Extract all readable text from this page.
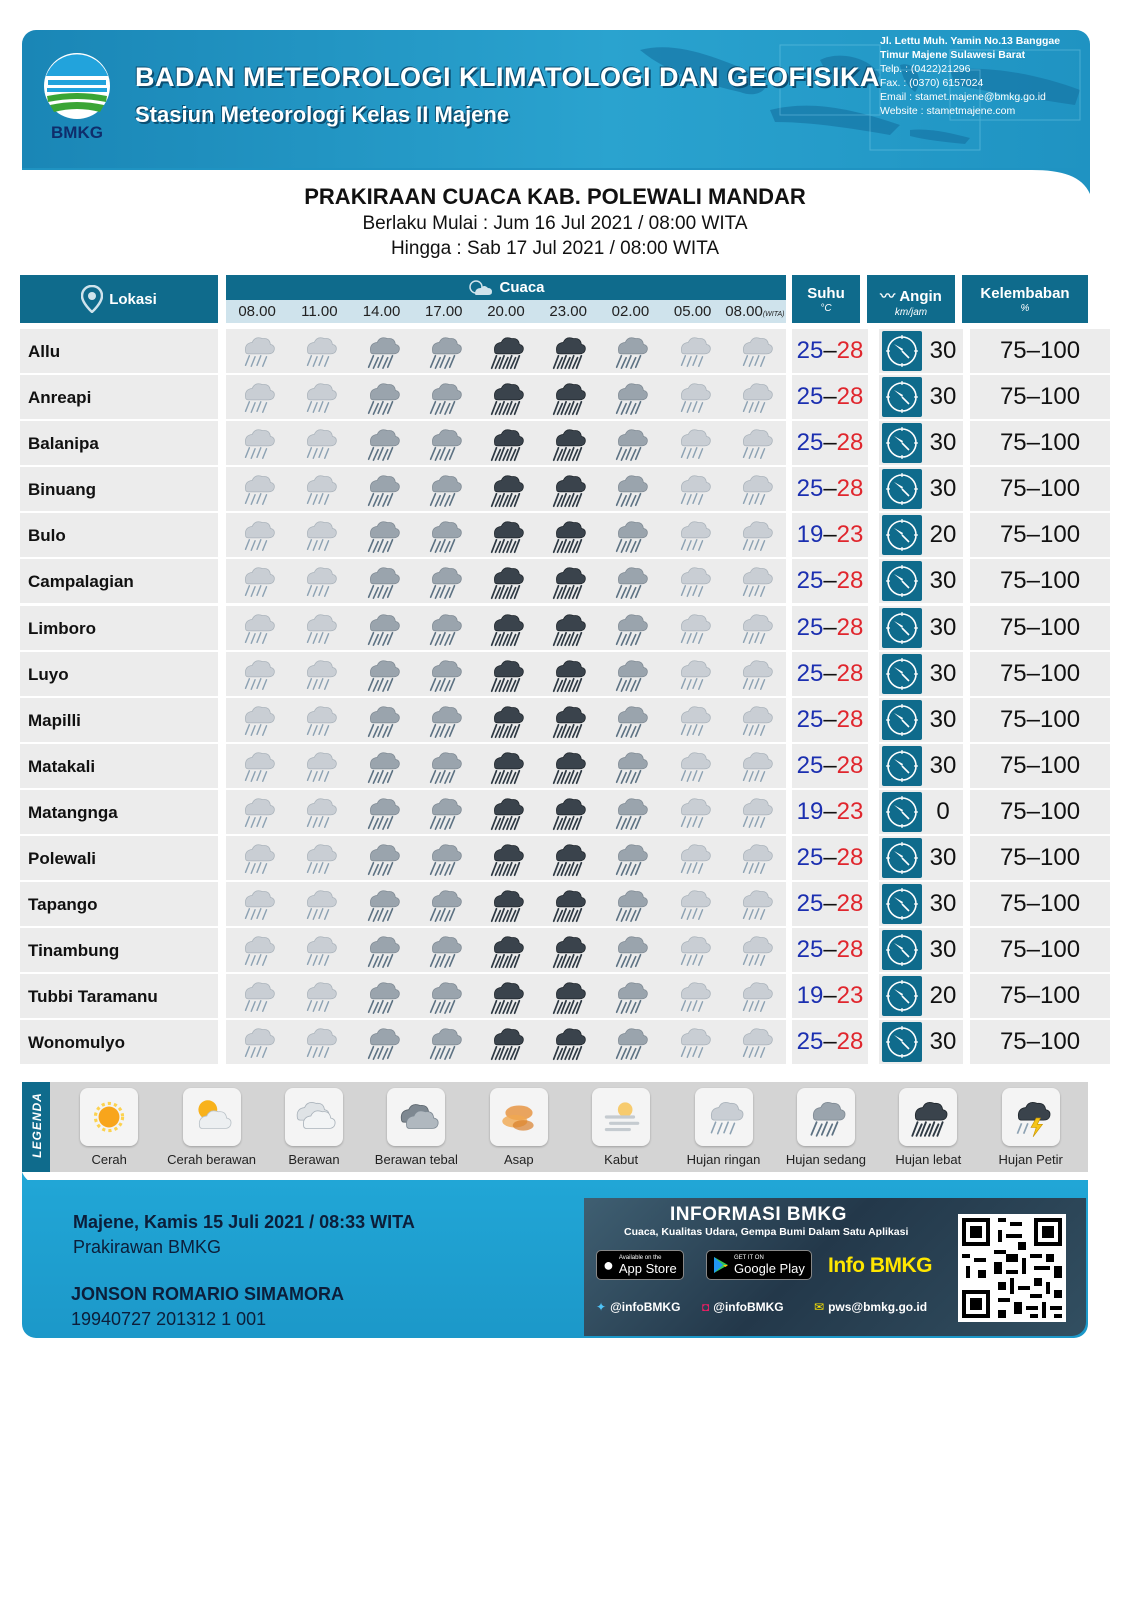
BMKG
BADAN METEOROLOGI KLIMATOLOGI DAN GEOFISIKA
Stasiun Meteorologi Kelas II Majene
Jl. Lettu Muh. Yamin No.13 Banggae
Timur Majene Sulawesi Barat
Telp. : (0422)21296
Fax. : (0370) 6157024
Email : stamet.majene@bmkg.go.id
Website : stametmajene.com
PRAKIRAAN CUACA KAB. POLEWALI MANDAR
Berlaku Mulai : Jum 16 Jul 2021 / 08:00 WITA
Hingga : Sab 17 Jul 2021 / 08:00 WITA
Lokasi
Cuaca
08.00	11.00	14.00	17.00	20.00	23.00	02.00	05.00 08.00(WITA)
Suhu
°C
〰 Angin
km/jam
Kelembaban
%
Allu	25–28	30	75–100
Anreapi	25–28	30	75–100
Balanipa	25–28	30	75–100
Binuang	25–28	30	75–100
Bulo	19–23	20	75–100
Campalagian	25–28	30	75–100
Limboro	25–28	30	75–100
Luyo	25–28	30	75–100
Mapilli	25–28	30	75–100
Matakali	25–28	30	75–100
Matangnga	19–23	0	75–100
Polewali	25–28	30	75–100
Tapango	25–28	30	75–100
Tinambung	25–28	30	75–100
Tubbi Taramanu	19–23	20	75–100
Wonomulyo	25–28	30	75–100
LEGENDA
Cerah	Cerah berawan	Berawan	Berawan tebal	Asap	Kabut	Hujan ringan	Hujan sedang	Hujan lebat	Hujan Petir
Majene, Kamis 15 Juli 2021 / 08:33 WITA
Prakirawan BMKG
JONSON ROMARIO SIMAMORA
19940727 201312 1 001
INFORMASI BMKG
Cuaca, Kualitas Udara, Gempa Bumi Dalam Satu Aplikasi
● Available on the
App Store
GET IT ON
Google Play Info BMKG
✦ @infoBMKG ◘ @infoBMKG	✉ pws@bmkg.go.id
